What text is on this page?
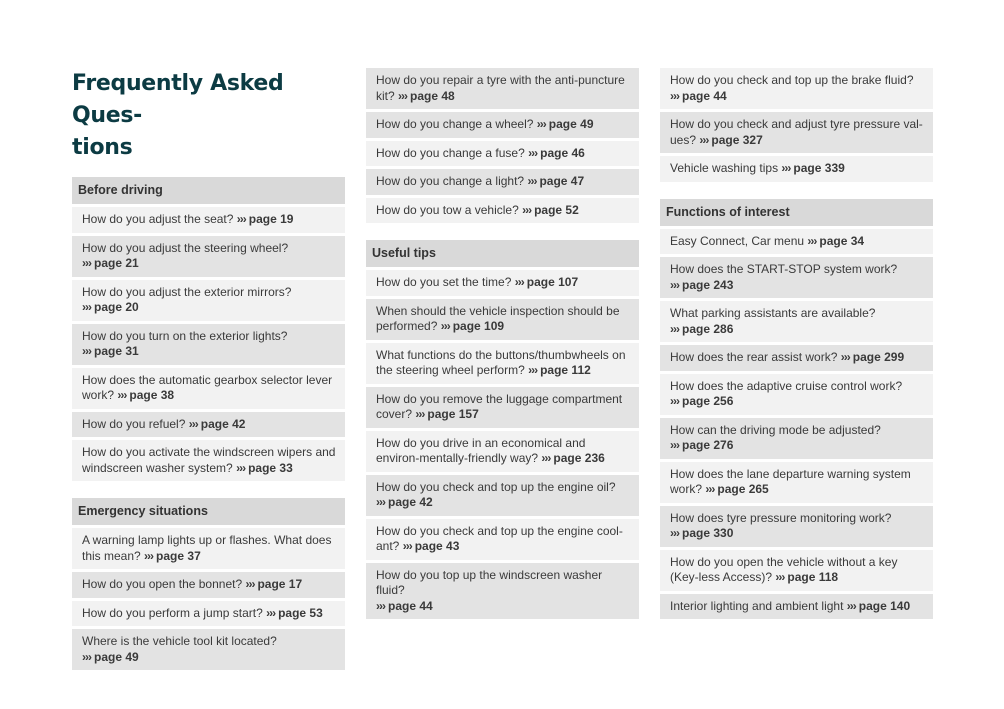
Frequently Asked Ques-
tions
Before driving
How do you adjust the seat? ››› page 19
How do you adjust the steering wheel?
››› page 21
How do you adjust the exterior mirrors?
››› page 20
How do you turn on the exterior lights?
››› page 31
How does the automatic gearbox selector lever work? ››› page 38
How do you refuel? ››› page 42
How do you activate the windscreen wipers and windscreen washer system? ››› page 33
Emergency situations
A warning lamp lights up or flashes. What does this mean? ››› page 37
How do you open the bonnet? ››› page 17
How do you perform a jump start? ››› page 53
Where is the vehicle tool kit located?
››› page 49
How do you repair a tyre with the anti-puncture kit? ››› page 48
How do you change a wheel? ››› page 49
How do you change a fuse? ››› page 46
How do you change a light? ››› page 47
How do you tow a vehicle? ››› page 52
Useful tips
How do you set the time? ››› page 107
When should the vehicle inspection should be performed? ››› page 109
What functions do the buttons/thumbwheels on the steering wheel perform? ››› page 112
How do you remove the luggage compartment cover? ››› page 157
How do you drive in an economical and environ-mentally-friendly way? ››› page 236
How do you check and top up the engine oil?
››› page 42
How do you check and top up the engine cool-ant? ››› page 43
How do you top up the windscreen washer fluid?
››› page 44
How do you check and top up the brake fluid?
››› page 44
How do you check and adjust tyre pressure val-ues? ››› page 327
Vehicle washing tips ››› page 339
Functions of interest
Easy Connect, Car menu ››› page 34
How does the START-STOP system work?
››› page 243
What parking assistants are available?
››› page 286
How does the rear assist work? ››› page 299
How does the adaptive cruise control work?
››› page 256
How can the driving mode be adjusted?
››› page 276
How does the lane departure warning system work? ››› page 265
How does tyre pressure monitoring work?
››› page 330
How do you open the vehicle without a key (Key-less Access)? ››› page 118
Interior lighting and ambient light ››› page 140
